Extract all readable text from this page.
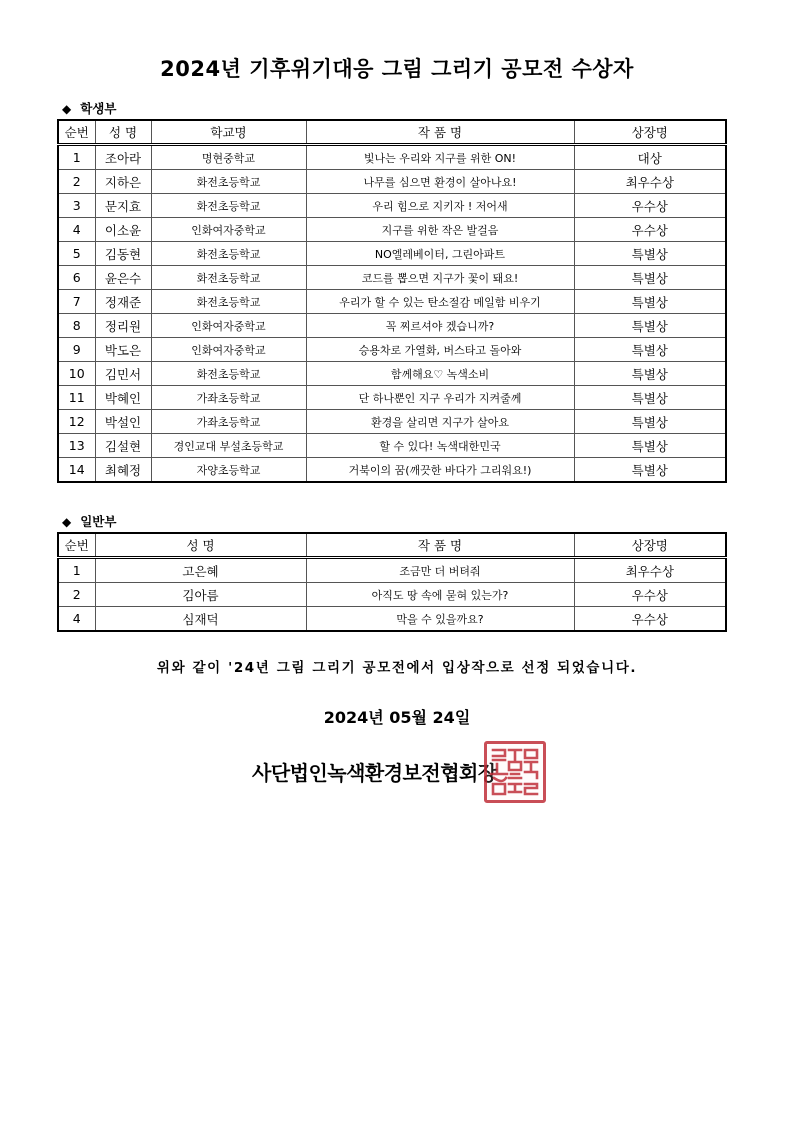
2024년 기후위기대응 그림 그리기 공모전 수상자
◆ 학생부
순번	성 명	학교명	작 품 명	상장명
1	조아라	명현중학교	빛나는 우리와 지구를 위한 ON!	대상
2	지하은	화전초등학교	나무를 심으면 환경이 살아나요!	최우수상
3	문지효	화전초등학교	우리 힘으로 지키자 ! 저어새	우수상
4	이소윤	인화여자중학교	지구를 위한 작은 발걸음	우수상
5	김동현	화전초등학교	NO엘레베이터, 그린아파트	특별상
6	윤은수	화전초등학교	코드를 뽑으면 지구가 꽃이 돼요!	특별상
7	정재준	화전초등학교	우리가 할 수 있는 탄소절감 메일함 비우기	특별상
8	정리원	인화여자중학교	꼭 찌르셔야 겠습니까?	특별상
9	박도은	인화여자중학교	승용차로 가열화, 버스타고 돌아와	특별상
10	김민서	화전초등학교	함께해요♡ 녹색소비	특별상
11	박혜인	가좌초등학교	단 하나뿐인 지구 우리가 지켜줄께	특별상
12	박설인	가좌초등학교	환경을 살리면 지구가 살아요	특별상
13	김설현	경인교대 부설초등학교	할 수 있다! 녹색대한민국	특별상
14	최혜정	자양초등학교	거북이의 꿈(깨끗한 바다가 그리워요!)	특별상
◆ 일반부
순번	성 명	작 품 명	상장명
1	고은혜	조금만 더 버텨줘	최우수상
2	김아름	아직도 땅 속에 묻혀 있는가?	우수상
4	심재덕	막을 수 있을까요?	우수상
위와 같이 '24년 그림 그리기 공모전에서 입상작으로 선정 되었습니다.
2024년 05월 24일
사단법인녹색환경보전협회장
